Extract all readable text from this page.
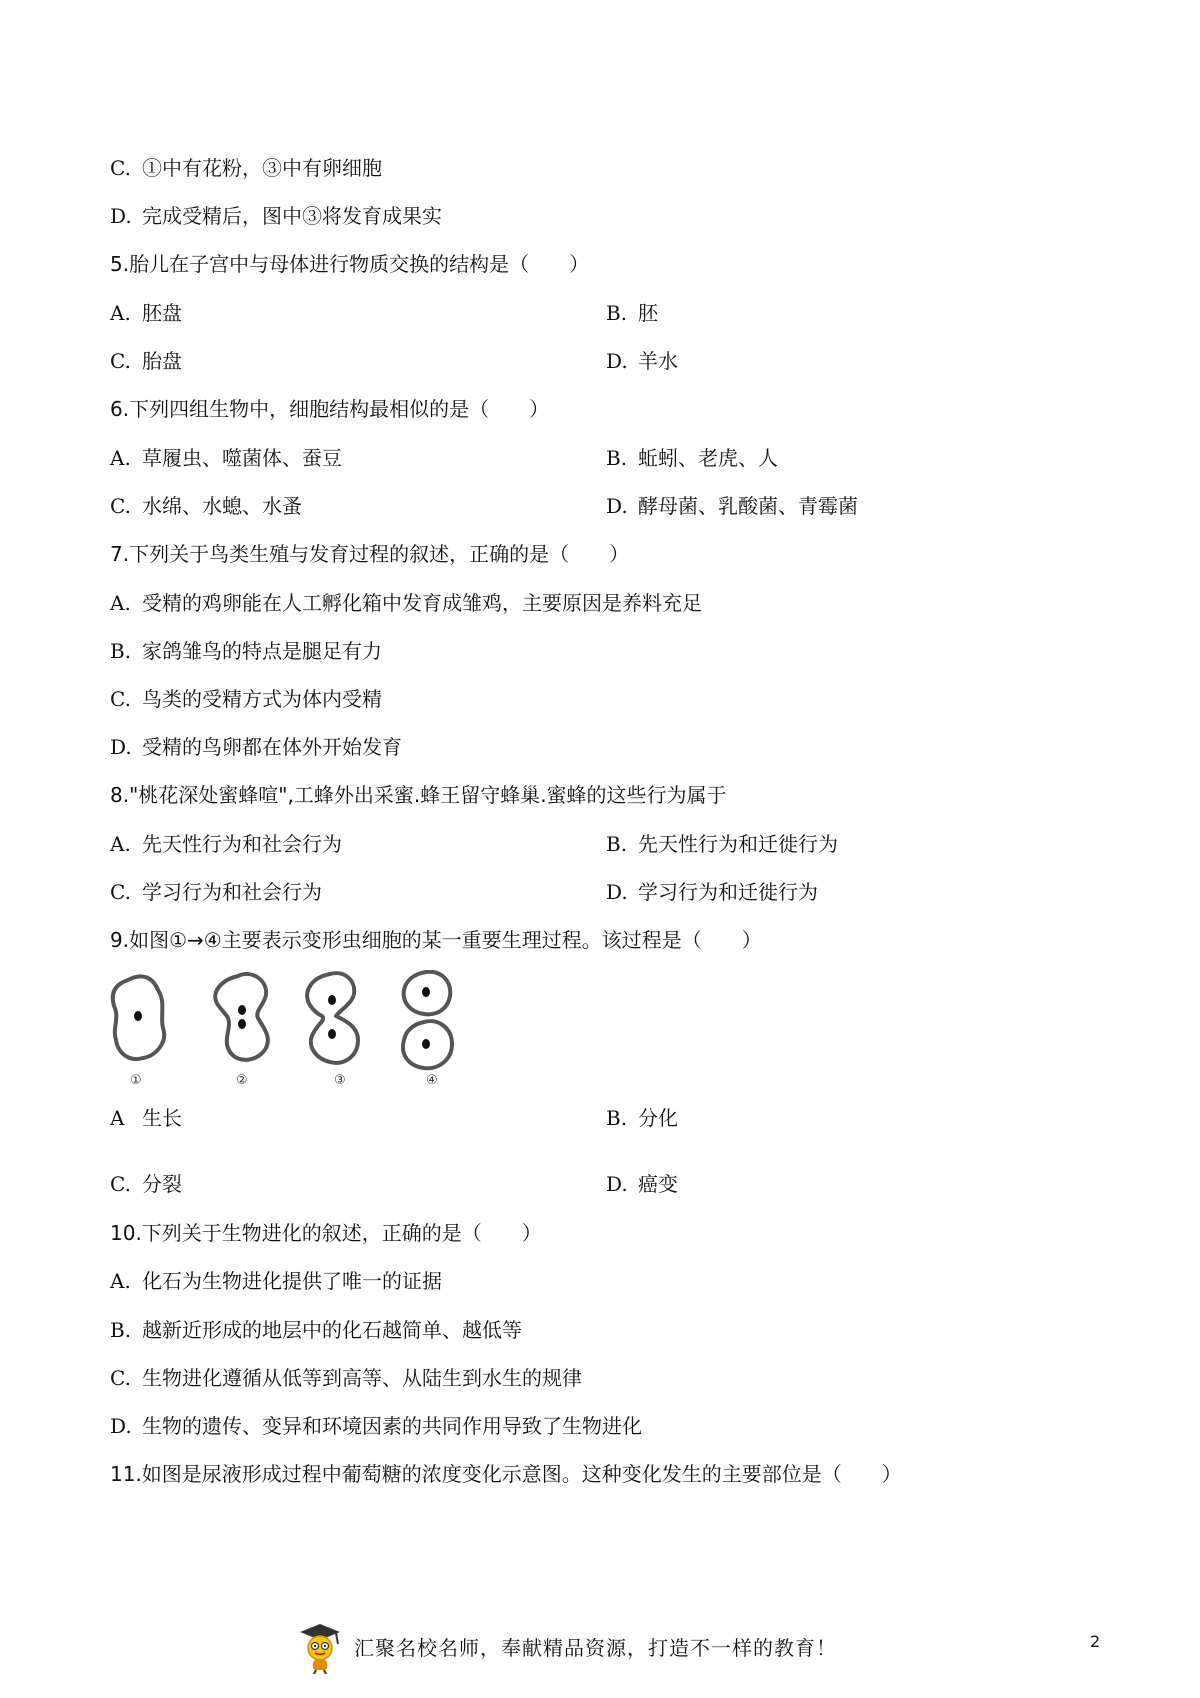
C. ①中有花粉，③中有卵细胞
D. 完成受精后，图中③将发育成果实
5.胎儿在子宫中与母体进行物质交换的结构是（　　）
A. 胚盘	B. 胚
C. 胎盘	D. 羊水
6.下列四组生物中，细胞结构最相似的是（　　）
A. 草履虫、噬菌体、蚕豆	B. 蚯蚓、老虎、人
C. 水绵、水螅、水蚤	D. 酵母菌、乳酸菌、青霉菌
7.下列关于鸟类生殖与发育过程的叙述，正确的是（　　）
A. 受精的鸡卵能在人工孵化箱中发育成雏鸡，主要原因是养料充足
B. 家鸽雏鸟的特点是腿足有力
C. 鸟类的受精方式为体内受精
D. 受精的鸟卵都在体外开始发育
8."桃花深处蜜蜂喧",工蜂外出采蜜.蜂王留守蜂巢.蜜蜂的这些行为属于
A. 先天性行为和社会行为	B. 先天性行为和迁徙行为
C. 学习行为和社会行为	D. 学习行为和迁徙行为
9.如图①→④主要表示变形虫细胞的某一重要生理过程。该过程是（　　）
①	②	③	④
A 生长	B. 分化
C. 分裂	D. 癌变
10.下列关于生物进化的叙述，正确的是（　　）
A. 化石为生物进化提供了唯一的证据
B. 越新近形成的地层中的化石越简单、越低等
C. 生物进化遵循从低等到高等、从陆生到水生的规律
D. 生物的遗传、变异和环境因素的共同作用导致了生物进化
11.如图是尿液形成过程中葡萄糖的浓度变化示意图。这种变化发生的主要部位是（　　）
汇聚名校名师，奉献精品资源，打造不一样的教育！	2
